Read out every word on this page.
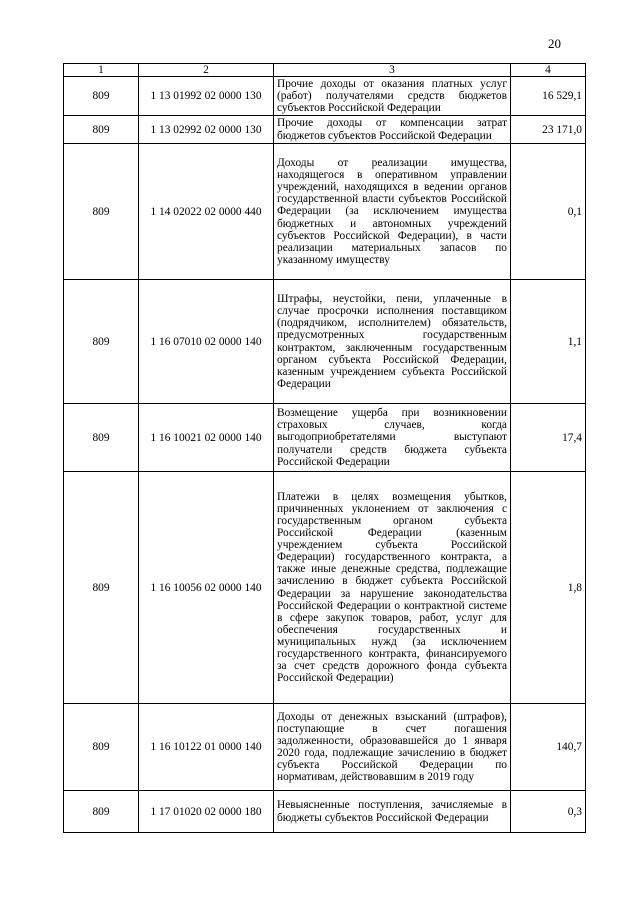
20
1	2	3	4
809	1 13 01992 02 0000 130	Прочие доходы от оказания платных услуг (работ) получателями средств бюджетов субъектов Российской Федерации	16 529,1
809	1 13 02992 02 0000 130	Прочие доходы от компенсации затрат бюджетов субъектов Российской Федерации	23 171,0
809	1 14 02022 02 0000 440	Доходы от реализации имущества, находящегося в оперативном управлении учреждений, находящихся в ведении органов государственной власти субъектов Российской Федерации (за исключением имущества бюджетных и автономных учреждений субъектов Российской Федерации), в части реализации материальных запасов по указанному имуществу	0,1
809	1 16 07010 02 0000 140	Штрафы, неустойки, пени, уплаченные в случае просрочки исполнения поставщиком (подрядчиком, исполнителем) обязательств, предусмотренных государственным контрактом, заключенным государственным органом субъекта Российской Федерации, казенным учреждением субъекта Российской Федерации	1,1
809	1 16 10021 02 0000 140	Возмещение ущерба при возникновении страховых случаев, когда выгодоприобретателями выступают получатели средств бюджета субъекта Российской Федерации	17,4
809	1 16 10056 02 0000 140	Платежи в целях возмещения убытков, причиненных уклонением от заключения с государственным органом субъекта Российской Федерации (казенным учреждением субъекта Российской Федерации) государственного контракта, а также иные денежные средства, подлежащие зачислению в бюджет субъекта Российской Федерации за нарушение законодательства Российской Федерации о контрактной системе в сфере закупок товаров, работ, услуг для обеспечения государственных и муниципальных нужд (за исключением государственного контракта, финансируемого за счет средств дорожного фонда субъекта Российской Федерации)	1,8
809	1 16 10122 01 0000 140	Доходы от денежных взысканий (штрафов), поступающие в счет погашения задолженности, образовавшейся до 1 января 2020 года, подлежащие зачислению в бюджет субъекта Российской Федерации по нормативам, действовавшим в 2019 году	140,7
809	1 17 01020 02 0000 180	Невыясненные поступления, зачисляемые в бюджеты субъектов Российской Федерации	0,3
